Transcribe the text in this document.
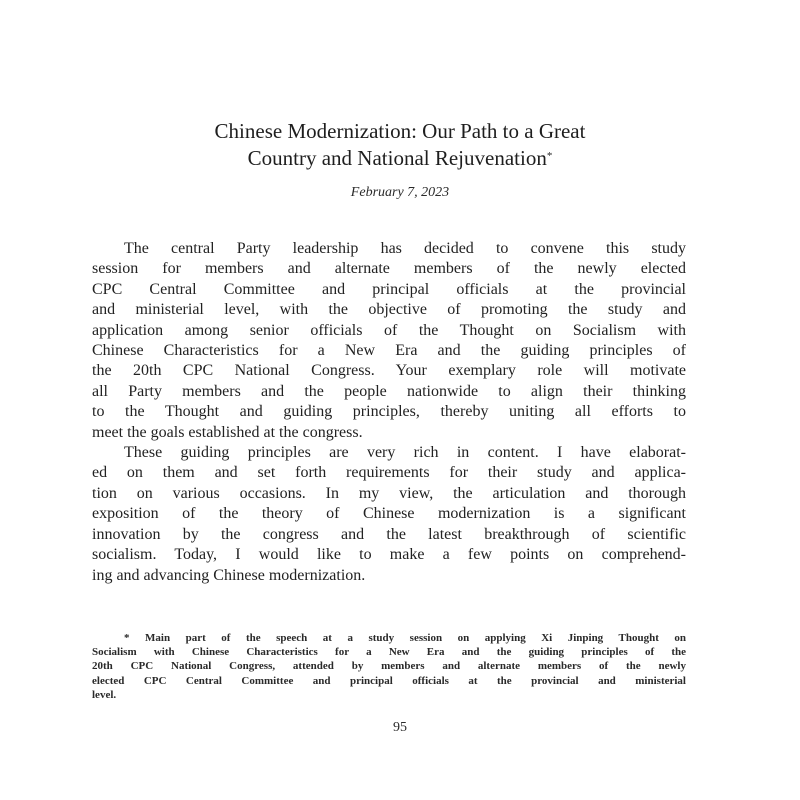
Chinese Modernization: Our Path to a Great
Country and National Rejuvenation*
February 7, 2023
The central Party leadership has decided to convene this study
session for members and alternate members of the newly elected
CPC Central Committee and principal officials at the provincial
and ministerial level, with the objective of promoting the study and
application among senior officials of the Thought on Socialism with
Chinese Characteristics for a New Era and the guiding principles of
the 20th CPC National Congress. Your exemplary role will motivate
all Party members and the people nationwide to align their thinking
to the Thought and guiding principles, thereby uniting all efforts to
meet the goals established at the congress.
These guiding principles are very rich in content. I have elaborat-
ed on them and set forth requirements for their study and applica-
tion on various occasions. In my view, the articulation and thorough
exposition of the theory of Chinese modernization is a significant
innovation by the congress and the latest breakthrough of scientific
socialism. Today, I would like to make a few points on comprehend-
ing and advancing Chinese modernization.
* Main part of the speech at a study session on applying Xi Jinping Thought on
Socialism with Chinese Characteristics for a New Era and the guiding principles of the
20th CPC National Congress, attended by members and alternate members of the newly
elected CPC Central Committee and principal officials at the provincial and ministerial
level.
95
